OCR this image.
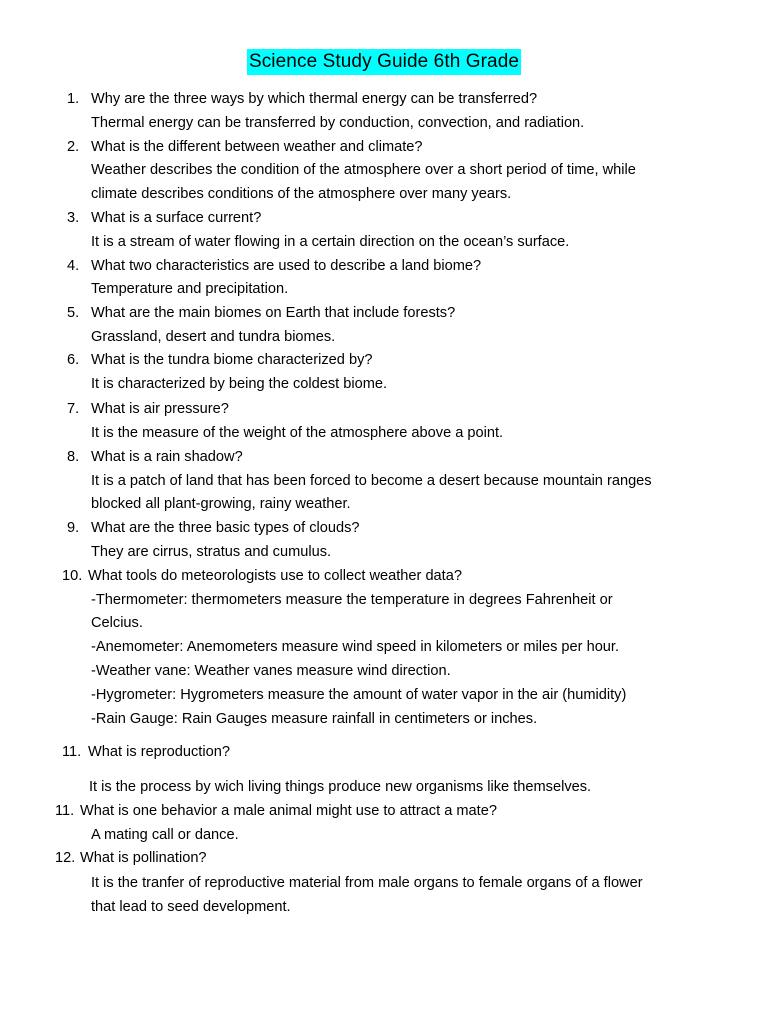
Science Study Guide 6th Grade
1. Why are the three ways by which thermal energy can be transferred?
Thermal energy can be transferred by conduction, convection, and radiation.
2. What is the different between weather and climate?
Weather describes the condition of the atmosphere over a short period of time, while
climate describes conditions of the atmosphere over many years.
3. What is a surface current?
It is a stream of water flowing in a certain direction on the ocean’s surface.
4. What two characteristics are used to describe a land biome?
Temperature and precipitation.
5. What are the main biomes on Earth that include forests?
Grassland, desert and tundra biomes.
6. What is the tundra biome characterized by?
It is characterized by being the coldest biome.
7. What is air pressure?
It is the measure of the weight of the atmosphere above a point.
8. What is a rain shadow?
It is a patch of land that has been forced to become a desert because mountain ranges
blocked all plant-growing, rainy weather.
9. What are the three basic types of clouds?
They are cirrus, stratus and cumulus.
10. What tools do meteorologists use to collect weather data?
-Thermometer: thermometers measure the temperature in degrees Fahrenheit or
Celcius.
-Anemometer: Anemometers measure wind speed in kilometers or miles per hour.
-Weather vane: Weather vanes measure wind direction.
-Hygrometer: Hygrometers measure the amount of water vapor in the air (humidity)
-Rain Gauge: Rain Gauges measure rainfall in centimeters or inches.
11. What is reproduction?
It is the process by wich living things produce new organisms like themselves.
11. What is one behavior a male animal might use to attract a mate?
A mating call or dance.
12. What is pollination?
It is the tranfer of reproductive material from male organs to female organs of a flower
that lead to seed development.
